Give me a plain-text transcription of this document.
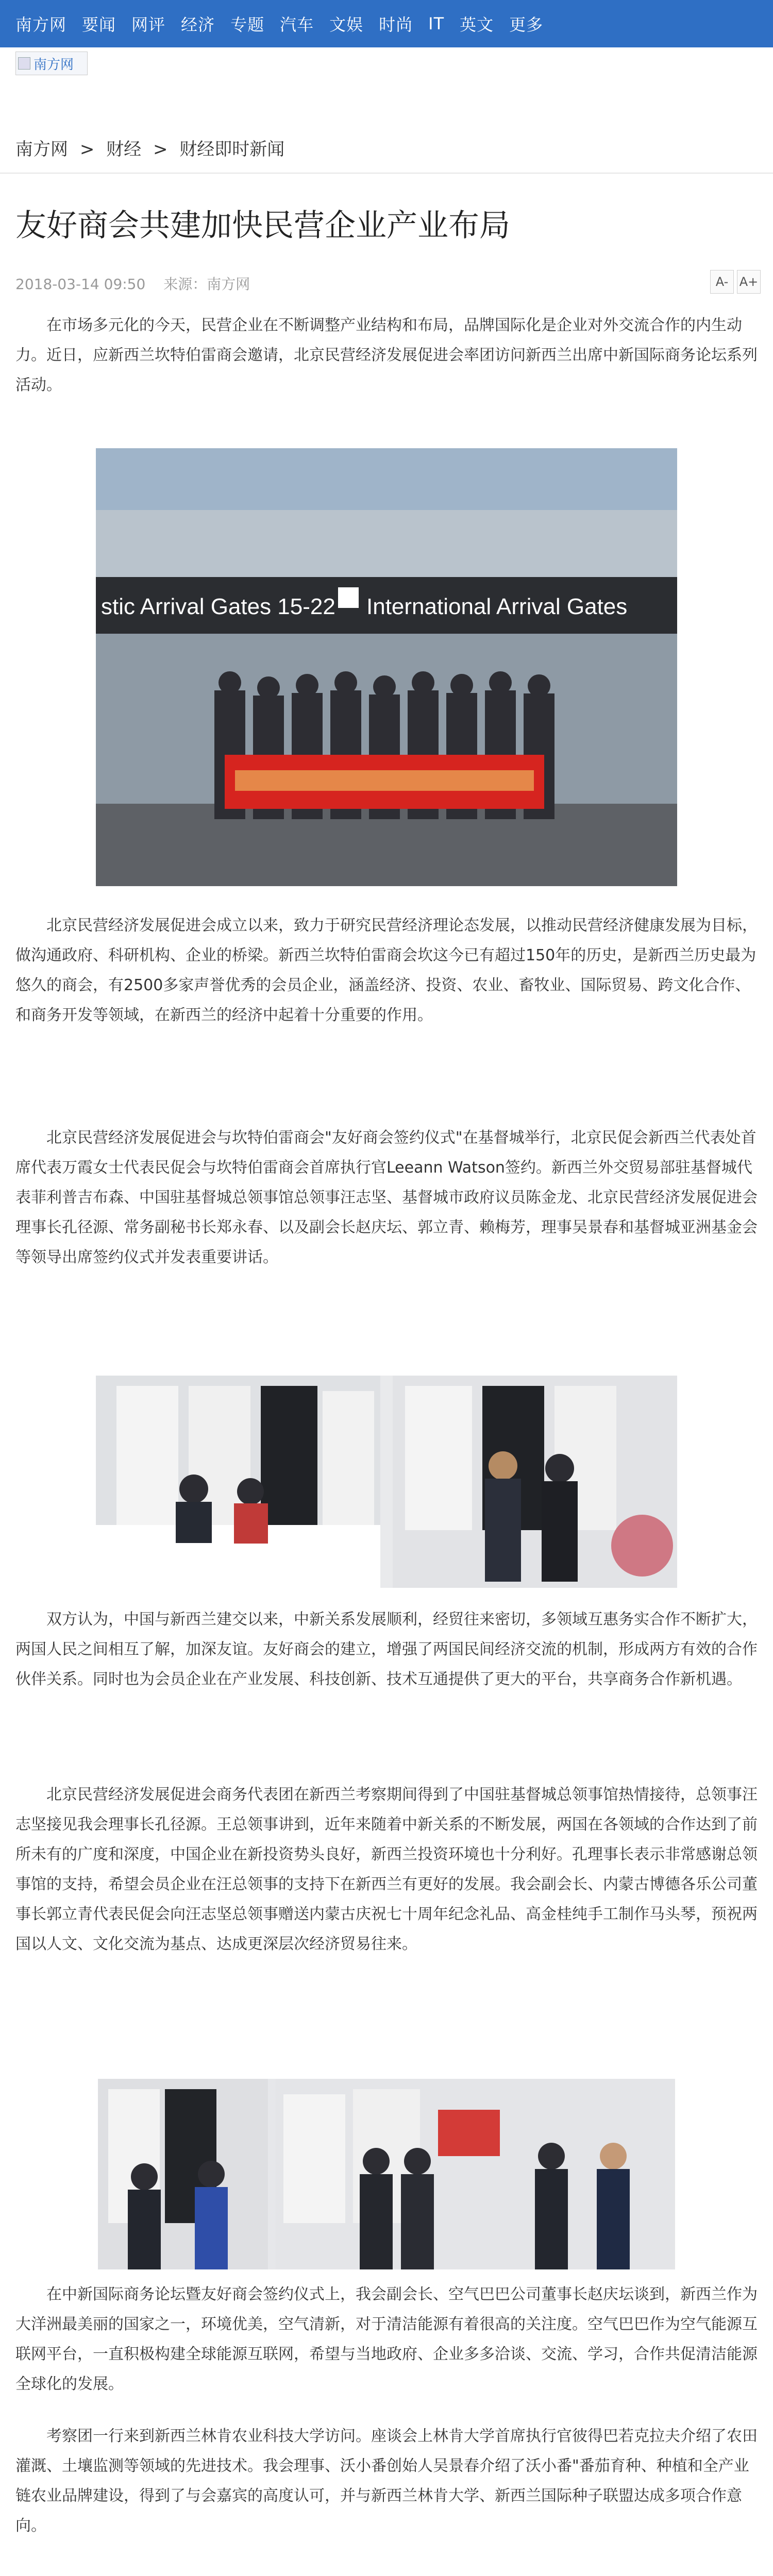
南方网 要闻 网评 经济 专题 汽车 文娱 时尚 IT 英文 更多
南方网
南方网 > 财经 > 财经即时新闻
友好商会共建加快民营企业产业布局
2018-03-14 09:50 来源：南方网	A- A+

在市场多元化的今天，民营企业在不断调整产业结构和布局，品牌国际化是企业对外交流合作的内生动力。近日，应新西兰坎特伯雷商会邀请，北京民营经济发展促进会率团访问新西兰出席中新国际商务论坛系列活动。

stic Arrival Gates 15-22 International Arrival Gates

北京民营经济发展促进会成立以来，致力于研究民营经济理论态发展，以推动民营经济健康发展为目标，做沟通政府、科研机构、企业的桥梁。新西兰坎特伯雷商会坎这今已有超过150年的历史，是新西兰历史最为悠久的商会，有2500多家声誉优秀的会员企业，涵盖经济、投资、农业、畜牧业、国际贸易、跨文化合作、和商务开发等领域，在新西兰的经济中起着十分重要的作用。

北京民营经济发展促进会与坎特伯雷商会"友好商会签约仪式"在基督城举行，北京民促会新西兰代表处首席代表万霞女士代表民促会与坎特伯雷商会首席执行官Leeann Watson签约。新西兰外交贸易部驻基督城代表菲利普吉布森、中国驻基督城总领事馆总领事汪志坚、基督城市政府议员陈金龙、北京民营经济发展促进会理事长孔径源、常务副秘书长郑永春、以及副会长赵庆坛、郭立青、赖梅芳，理事吴景春和基督城亚洲基金会等领导出席签约仪式并发表重要讲话。

双方认为，中国与新西兰建交以来，中新关系发展顺利，经贸往来密切，多领域互惠务实合作不断扩大，两国人民之间相互了解，加深友谊。友好商会的建立，增强了两国民间经济交流的机制，形成两方有效的合作伙伴关系。同时也为会员企业在产业发展、科技创新、技术互通提供了更大的平台，共享商务合作新机遇。

北京民营经济发展促进会商务代表团在新西兰考察期间得到了中国驻基督城总领事馆热情接待，总领事汪志坚接见我会理事长孔径源。王总领事讲到，近年来随着中新关系的不断发展，两国在各领域的合作达到了前所未有的广度和深度，中国企业在新投资势头良好，新西兰投资环境也十分利好。孔理事长表示非常感谢总领事馆的支持，希望会员企业在汪总领事的支持下在新西兰有更好的发展。我会副会长、内蒙古博德各乐公司董事长郭立青代表民促会向汪志坚总领事赠送内蒙古庆祝七十周年纪念礼品、高金桂纯手工制作马头琴，预祝两国以人文、文化交流为基点、达成更深层次经济贸易往来。

在中新国际商务论坛暨友好商会签约仪式上，我会副会长、空气巴巴公司董事长赵庆坛谈到，新西兰作为大洋洲最美丽的国家之一，环境优美，空气清新，对于清洁能源有着很高的关注度。空气巴巴作为空气能源互联网平台，一直积极构建全球能源互联网，希望与当地政府、企业多多洽谈、交流、学习，合作共促清洁能源全球化的发展。

考察团一行来到新西兰林肯农业科技大学访问。座谈会上林肯大学首席执行官彼得巴若克拉夫介绍了农田灌溉、土壤监测等领域的先进技术。我会理事、沃小番创始人吴景春介绍了沃小番"番茄育种、种植和全产业链农业品牌建设，得到了与会嘉宾的高度认可，并与新西兰林肯大学、新西兰国际种子联盟达成多项合作意向。
